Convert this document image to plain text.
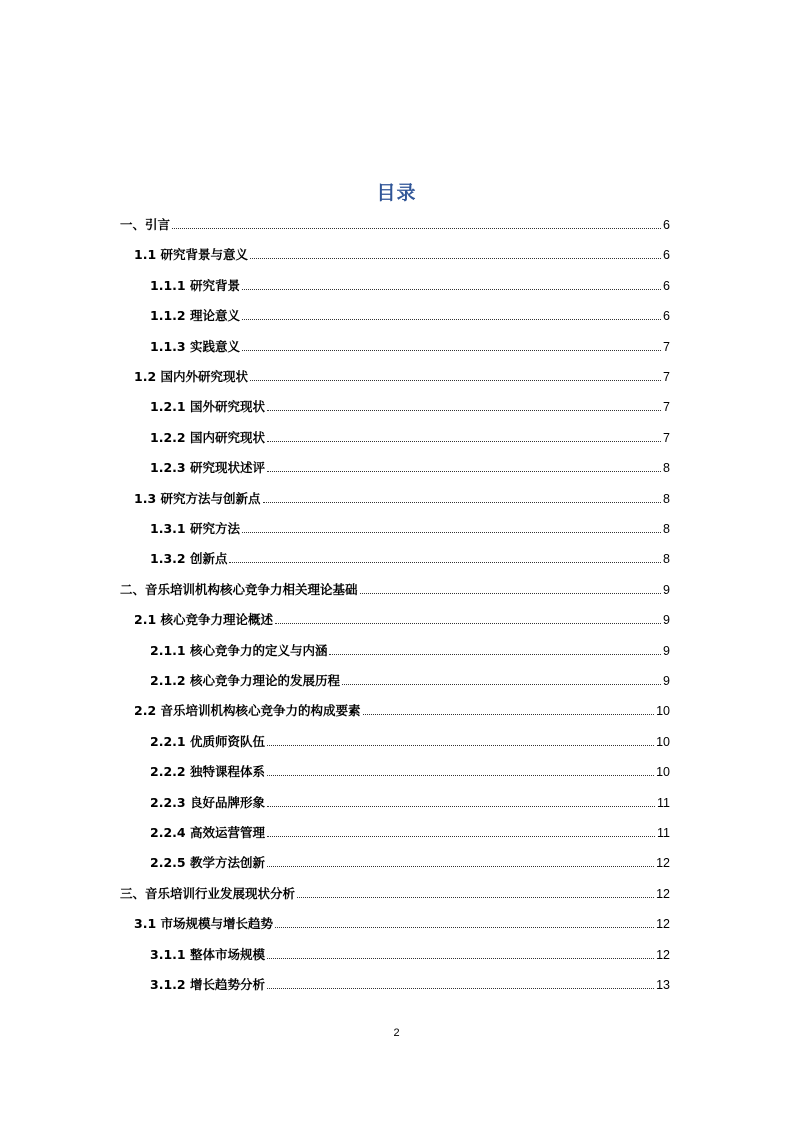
目录
一、引言	6
1.1 研究背景与意义	6
1.1.1 研究背景	6
1.1.2 理论意义	6
1.1.3 实践意义	7
1.2 国内外研究现状	7
1.2.1 国外研究现状	7
1.2.2 国内研究现状	7
1.2.3 研究现状述评	8
1.3 研究方法与创新点	8
1.3.1 研究方法	8
1.3.2 创新点	8
二、音乐培训机构核心竞争力相关理论基础	9
2.1 核心竞争力理论概述	9
2.1.1 核心竞争力的定义与内涵	9
2.1.2 核心竞争力理论的发展历程	9
2.2 音乐培训机构核心竞争力的构成要素	10
2.2.1 优质师资队伍	10
2.2.2 独特课程体系	10
2.2.3 良好品牌形象	11
2.2.4 高效运营管理	11
2.2.5 教学方法创新	12
三、音乐培训行业发展现状分析	12
3.1 市场规模与增长趋势	12
3.1.1 整体市场规模	12
3.1.2 增长趋势分析	13
2
